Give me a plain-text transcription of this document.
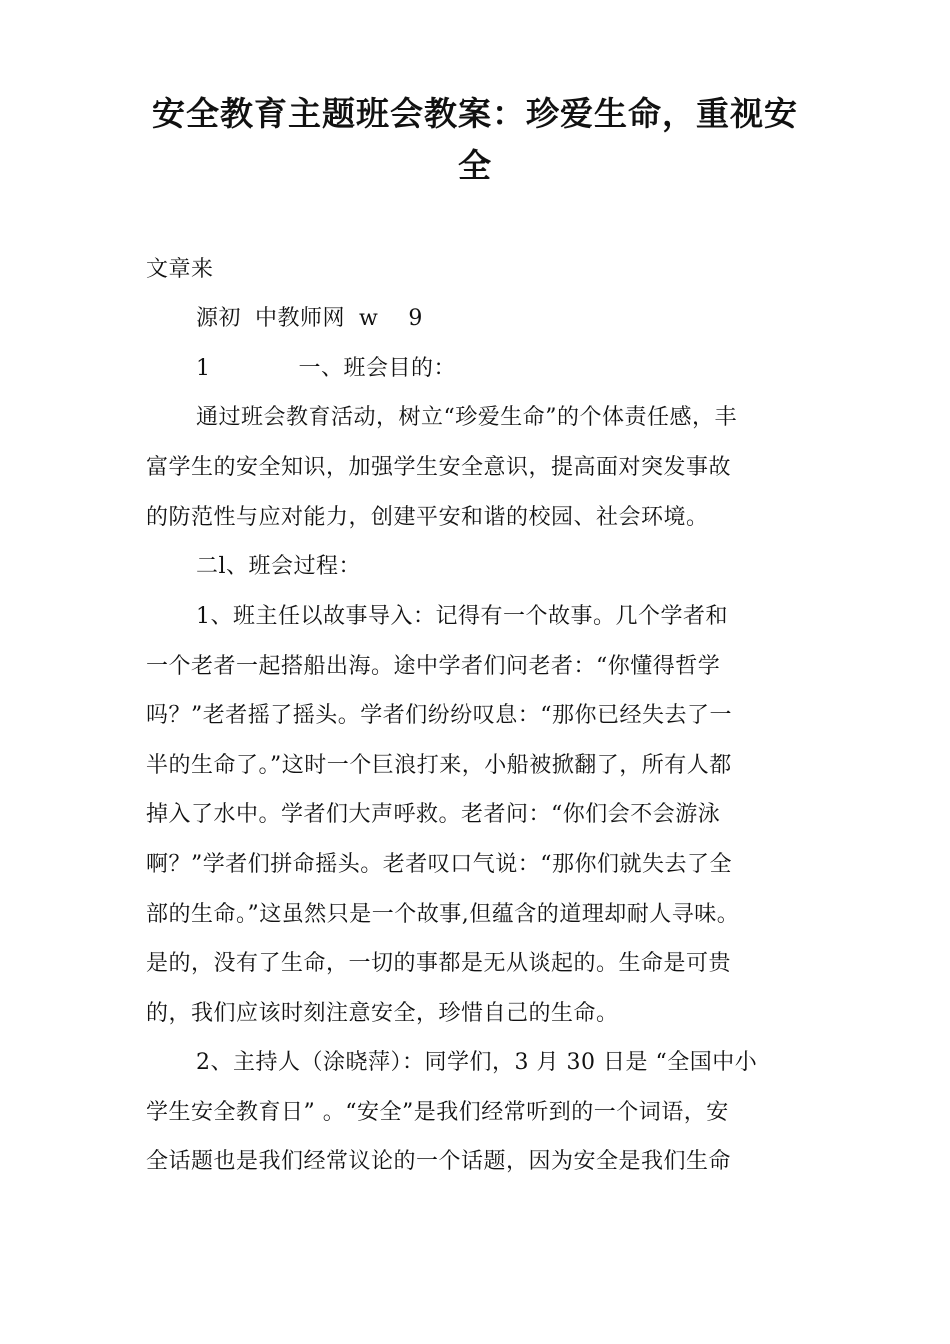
安全教育主题班会教案：珍爱生命，重视安
全
文章来
源初 中教师网 w 9
1	一、班会目的：
通过班会教育活动，树立“珍爱生命”的个体责任感，丰
富学生的安全知识，加强学生安全意识，提高面对突发事故
的防范性与应对能力，创建平安和谐的校园、社会环境。
二l、班会过程：
1、班主任以故事导入：记得有一个故事。几个学者和
一个老者一起搭船出海。途中学者们问老者：“你懂得哲学
吗？”老者摇了摇头。学者们纷纷叹息：“那你已经失去了一
半的生命了。”这时一个巨浪打来，小船被掀翻了，所有人都
掉入了水中。学者们大声呼救。老者问：“你们会不会游泳
啊？”学者们拼命摇头。老者叹口气说：“那你们就失去了全
部的生命。”这虽然只是一个故事,但蕴含的道理却耐人寻味。
是的，没有了生命，一切的事都是无从谈起的。生命是可贵
的，我们应该时刻注意安全，珍惜自己的生命。
2、主持人（涂晓萍）：同学们，3 月 30 日是 “全国中小
学生安全教育日” 。“安全”是我们经常听到的一个词语，安
全话题也是我们经常议论的一个话题，因为安全是我们生命
